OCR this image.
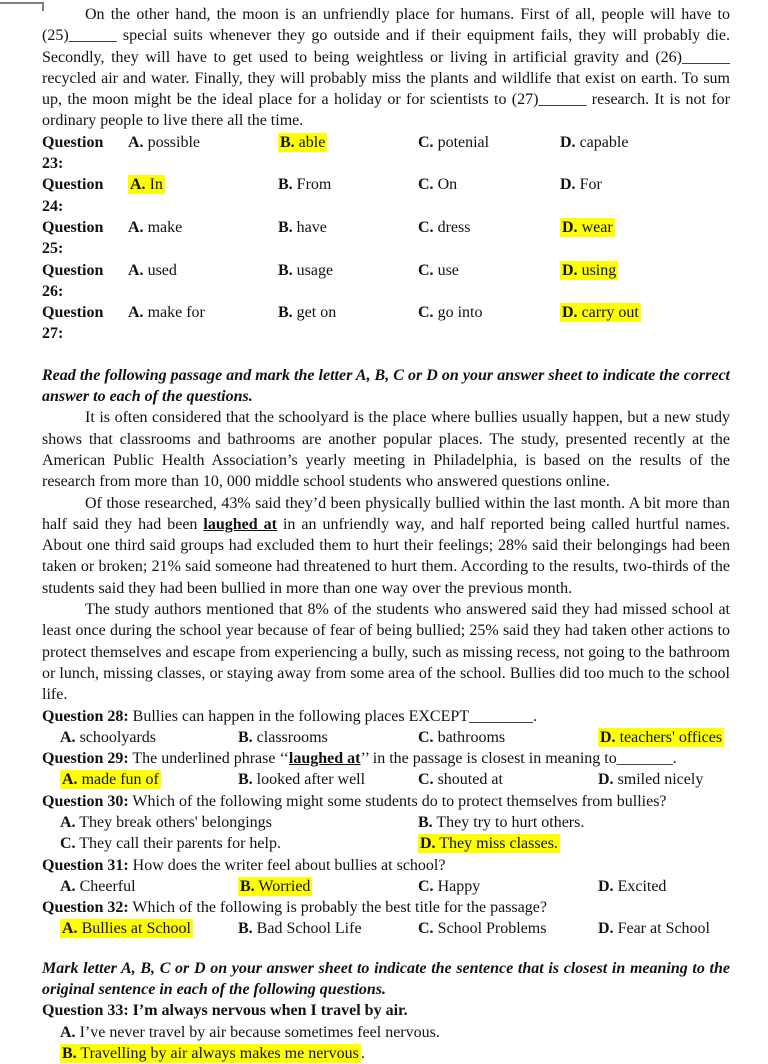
On the other hand, the moon is an unfriendly place for humans. First of all, people will have to (25)______ special suits whenever they go outside and if their equipment fails, they will probably die. Secondly, they will have to get used to being weightless or living in artificial gravity and (26)______ recycled air and water. Finally, they will probably miss the plants and wildlife that exist on earth. To sum up, the moon might be the ideal place for a holiday or for scientists to (27)______ research. It is not for ordinary people to live there all the time.

Question 23:
A. possible	B. able	C. potenial	D. capable
Question 24:
A. In	B. From	C. On	D. For
Question 25:
A. make	B. have	C. dress	D. wear
Question 26:
A. used	B. usage	C. use	D. using
Question 27:
A. make for	B. get on	C. go into	D. carry out

Read the following passage and mark the letter A, B, C or D on your answer sheet to indicate the correct answer to each of the questions.

It is often considered that the schoolyard is the place where bullies usually happen, but a new study shows that classrooms and bathrooms are another popular places. The study, presented recently at the American Public Health Association’s yearly meeting in Philadelphia, is based on the results of the research from more than 10, 000 middle school students who answered questions online.

Of those researched, 43% said they’d been physically bullied within the last month. A bit more than half said they had been laughed at in an unfriendly way, and half reported being called hurtful names. About one third said groups had excluded them to hurt their feelings; 28% said their belongings had been taken or broken; 21% said someone had threatened to hurt them. According to the results, two-thirds of the students said they had been bullied in more than one way over the previous month.

The study authors mentioned that 8% of the students who answered said they had missed school at least once during the school year because of fear of being bullied; 25% said they had taken other actions to protect themselves and escape from experiencing a bully, such as missing recess, not going to the bathroom or lunch, missing classes, or staying away from some area of the school. Bullies did too much to the school life.

Question 28: Bullies can happen in the following places EXCEPT________.
A. schoolyards	B. classrooms	C. bathrooms	D. teachers' offices
Question 29: The underlined phrase ‘‘laughed at’’ in the passage is closest in meaning to_______.
A. made fun of	B. looked after well	C. shouted at	D. smiled nicely
Question 30: Which of the following might some students do to protect themselves from bullies?
A. They break others' belongings	B. They try to hurt others.
C. They call their parents for help.	D. They miss classes.
Question 31: How does the writer feel about bullies at school?
A. Cheerful	B. Worried	C. Happy	D. Excited
Question 32: Which of the following is probably the best title for the passage?
A. Bullies at School	B. Bad School Life	C. School Problems	D. Fear at School

Mark letter A, B, C or D on your answer sheet to indicate the sentence that is closest in meaning to the original sentence in each of the following questions.

Question 33: I’m always nervous when I travel by air.
A. I’ve never travel by air because sometimes feel nervous.
B. Travelling by air always makes me nervous .
